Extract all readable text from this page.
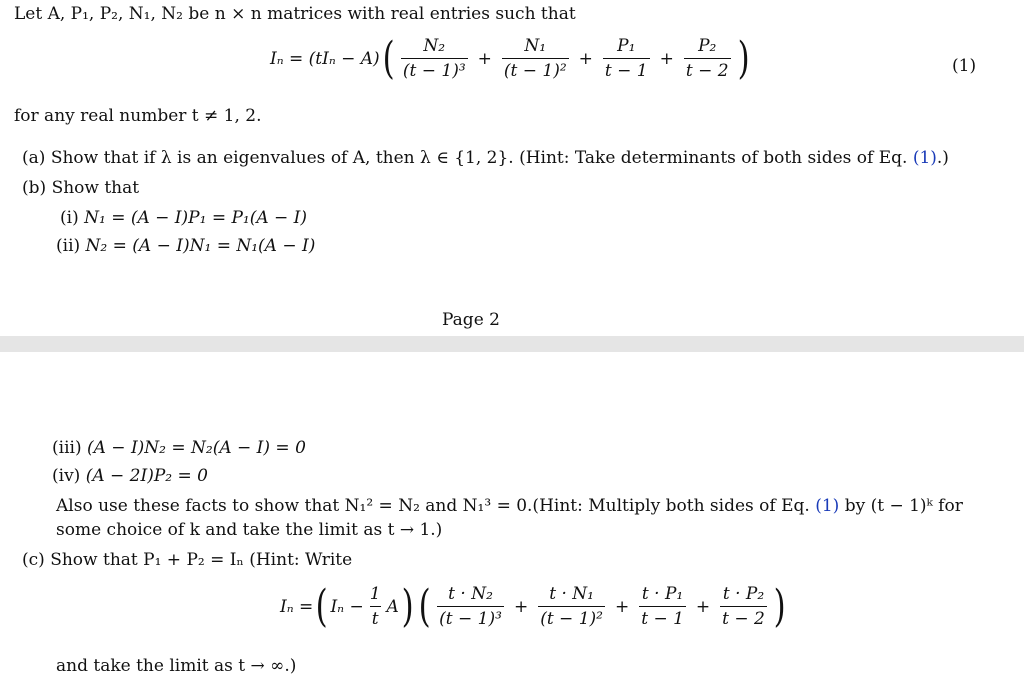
Let A, P₁, P₂, N₁, N₂ be n × n matrices with real entries such that
Iₙ = (tIₙ − A) ( $\frac{\text{N₂}}{\text{(t − 1)³}} + \frac{\text{N₁}}{\text{(t − 1)²}} + \frac{\text{P₁}}{t - 1} + \frac{\text{P₂}}{t - 2}$ )	(1)
for any real number t ≠ 1, 2.
(a) Show that if λ is an eigenvalues of A, then λ ∈ {1, 2}. (Hint: Take determinants of both sides of Eq. (1).)
(b) Show that
(i) N₁ = (A − I)P₁ = P₁(A − I)
(ii) N₂ = (A − I)N₁ = N₁(A − I)
Page 2
(iii) (A − I)N₂ = N₂(A − I) = 0
(iv) (A − 2I)P₂ = 0
Also use these facts to show that N₁² = N₂ and N₁³ = 0.(Hint: Multiply both sides of Eq. (1) by (t − 1)ᵏ for
some choice of k and take the limit as t → 1.)
(c) Show that P₁ + P₂ = Iₙ (Hint: Write
Iₙ = ( $I_n - \frac{1}{t}$ A ) ( $\frac{\text{t · N₂}}{\text{(t − 1)³}} + \frac{\text{t · N₁}}{\text{(t − 1)²}} + \frac{\text{t · P₁}}{t - 1} + \frac{\text{t · P₂}}{t - 2}$ )
and take the limit as t → ∞.)
